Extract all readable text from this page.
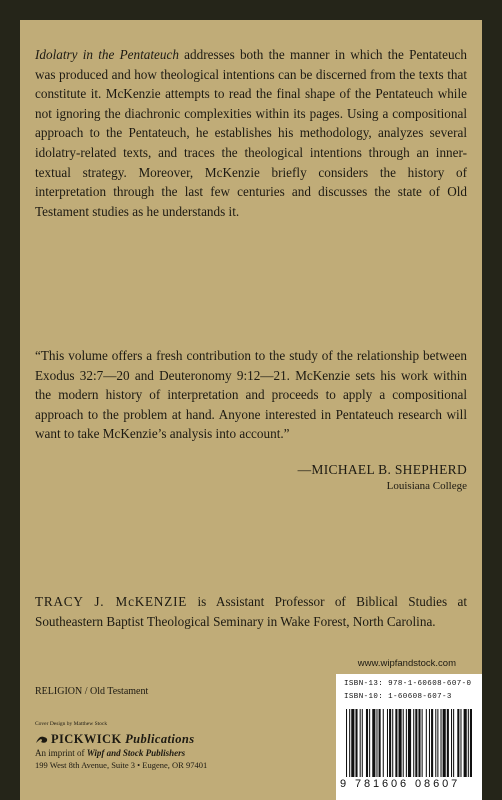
Idolatry in the Pentateuch addresses both the manner in which the Pentateuch was produced and how theological intentions can be discerned from the texts that constitute it. McKenzie attempts to read the final shape of the Pentateuch while not ignoring the diachronic complexities within its pages. Using a compositional approach to the Pentateuch, he establishes his methodology, analyzes several idolatry-related texts, and traces the theological intentions through an inner-textual strategy. Moreover, McKenzie briefly considers the history of interpretation through the last few centuries and discusses the state of Old Testament studies as he understands it.

“This volume offers a fresh contribution to the study of the relationship between Exodus 32:7—20 and Deuteronomy 9:12—21. McKenzie sets his work within the modern history of interpretation and proceeds to apply a compositional approach to the problem at hand. Anyone interested in Pentateuch research will want to take McKenzie’s analysis into account.”

—MICHAEL B. SHEPHERD
Louisiana College

TRACY J. McKENZIE is Assistant Professor of Biblical Studies at Southeastern Baptist Theological Seminary in Wake Forest, North Carolina.

www.wipfandstock.com
RELIGION / Old Testament
Cover Design by Matthew Stock
PICKWICK Publications
An imprint of Wipf and Stock Publishers
199 West 8th Avenue, Suite 3 • Eugene, OR 97401
ISBN-13: 978-1-60608-607-0
ISBN-10: 1-60608-607-3
9 781606 08607
